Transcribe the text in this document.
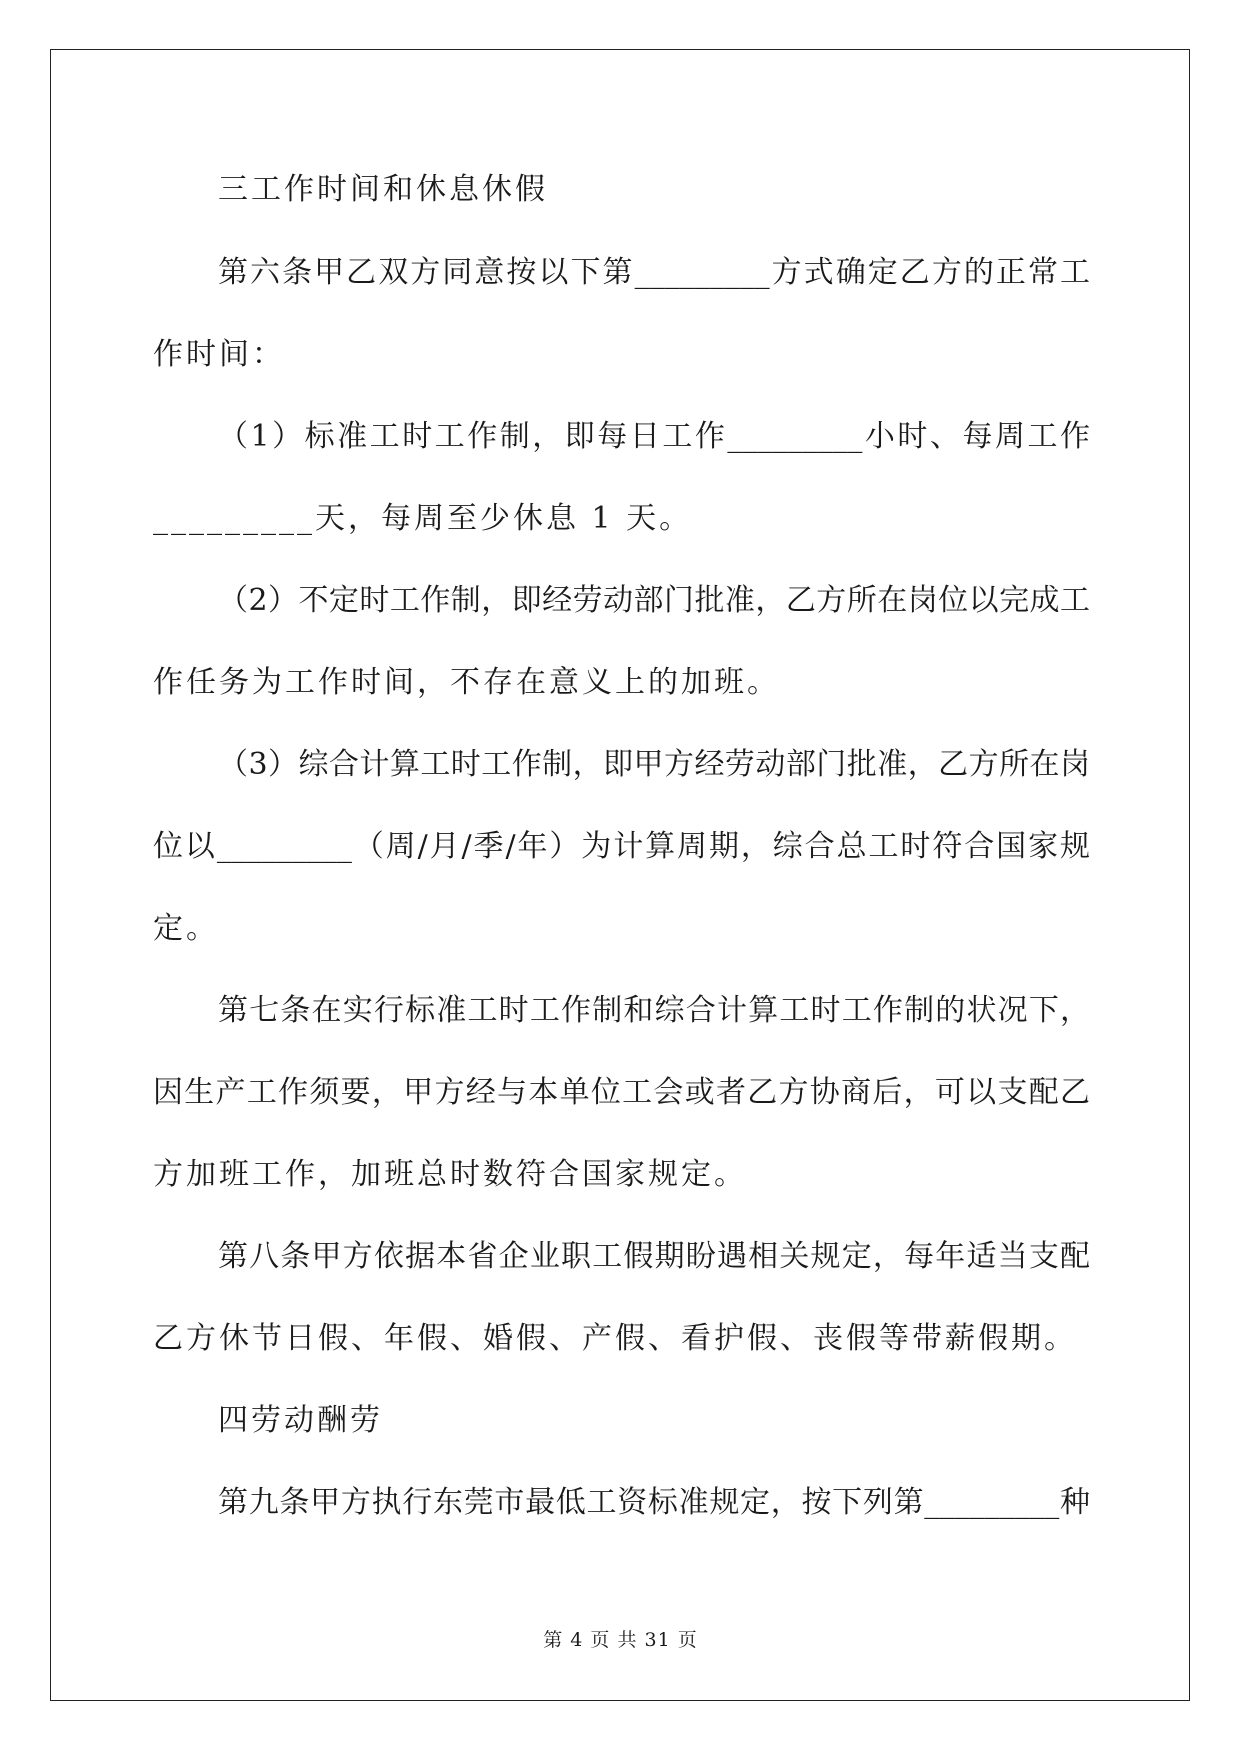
三工作时间和休息休假
第六条甲乙双方同意按以下第_________方式确定乙方的正常工
作时间：
（1）标准工时工作制，即每日工作_________小时、每周工作
_________天，每周至少休息 1 天。
（2）不定时工作制，即经劳动部门批准，乙方所在岗位以完成工
作任务为工作时间，不存在意义上的加班。
（3）综合计算工时工作制，即甲方经劳动部门批准，乙方所在岗
位以_________（周/月/季/年）为计算周期，综合总工时符合国家规
定。
第七条在实行标准工时工作制和综合计算工时工作制的状况下，
因生产工作须要，甲方经与本单位工会或者乙方协商后，可以支配乙
方加班工作，加班总时数符合国家规定。
第八条甲方依据本省企业职工假期盼遇相关规定，每年适当支配
乙方休节日假、年假、婚假、产假、看护假、丧假等带薪假期。
四劳动酬劳
第九条甲方执行东莞市最低工资标准规定，按下列第_________种
第 4 页 共 31 页
